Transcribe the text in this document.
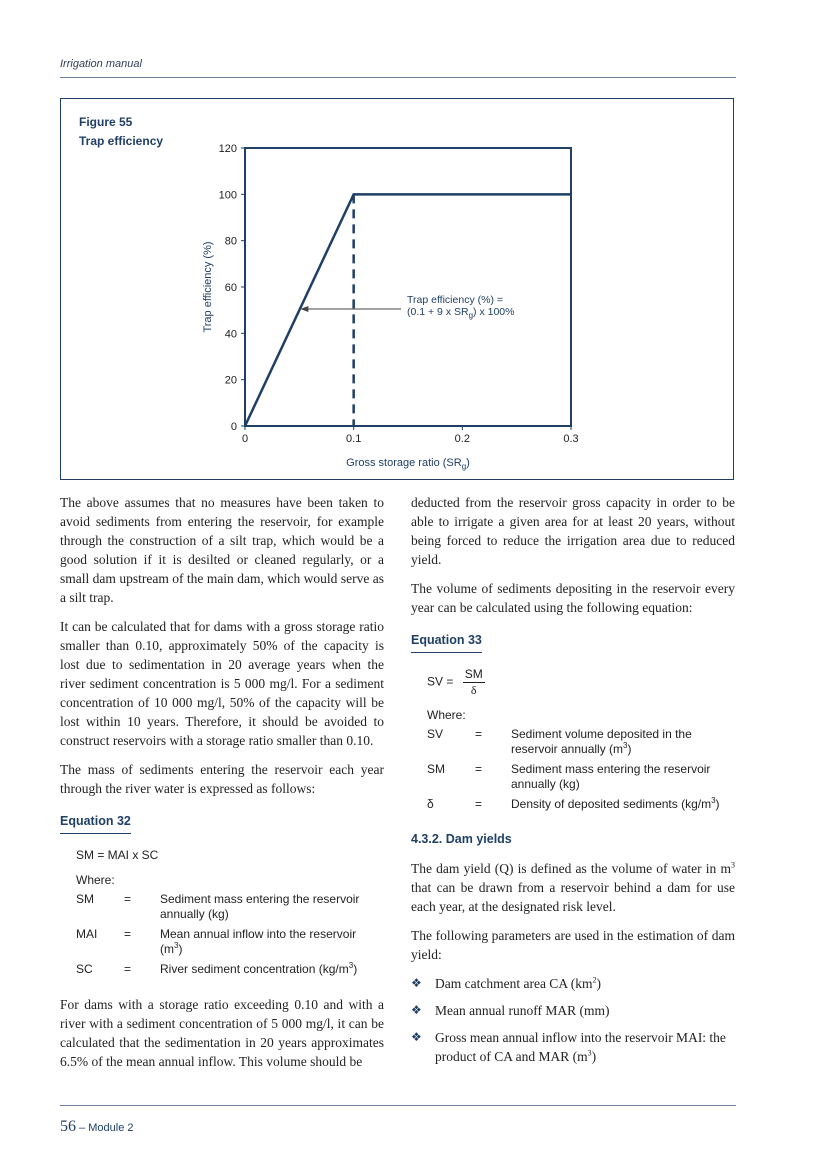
Irrigation manual
Figure 55
Trap efficiency
0
20
40
60
80
100
120
0	0.1	0.2	0.3
Trap efficiency (%) =
(0.1 + 9 x $SR_g$) x 100%
Trap efficiency (%)
Gross storage ratio $(SR_g)$

The above assumes that no measures have been taken to avoid sediments from entering the reservoir, for example through the construction of a silt trap, which would be a good solution if it is desilted or cleaned regularly, or a small dam upstream of the main dam, which would serve as a silt trap.

It can be calculated that for dams with a gross storage ratio smaller than 0.10, approximately 50% of the capacity is lost due to sedimentation in 20 average years when the river sediment concentration is 5 000 mg/l. For a sediment concentration of 10 000 mg/l, 50% of the capacity will be lost within 10 years. Therefore, it should be avoided to construct reservoirs with a storage ratio smaller than 0.10.

The mass of sediments entering the reservoir each year through the river water is expressed as follows:

Equation 32
SM = MAI x SC
Where:
SM	=	Sediment mass entering the reservoir annually (kg)
MAI	=	Mean annual inflow into the reservoir $(m^3)$
SC	=	River sediment concentration $(kg/m^3)$

For dams with a storage ratio exceeding 0.10 and with a river with a sediment concentration of 5 000 mg/l, it can be calculated that the sedimentation in 20 years approximates 6.5% of the mean annual inflow. This volume should be

deducted from the reservoir gross capacity in order to be able to irrigate a given area for at least 20 years, without being forced to reduce the irrigation area due to reduced yield.

The volume of sediments depositing in the reservoir every year can be calculated using the following equation:

Equation 33
SV = $\frac{SM}{\delta}$
Where:
SV	=	Sediment volume deposited in the reservoir annually $(m^3)$
SM	=	Sediment mass entering the reservoir annually (kg)
δ	=	Density of deposited sediments $(kg/m^3)$
4.3.2. Dam yields

The dam yield (Q) is defined as the volume of water in $m^3$ that can be drawn from a reservoir behind a dam for use each year, at the designated risk level.

The following parameters are used in the estimation of dam yield:

❖ Dam catchment area CA $(km^2)$
❖ Mean annual runoff MAR (mm)
❖ Gross mean annual inflow into the reservoir MAI: the product of CA and MAR $(m^3)$
56 – Module 2
